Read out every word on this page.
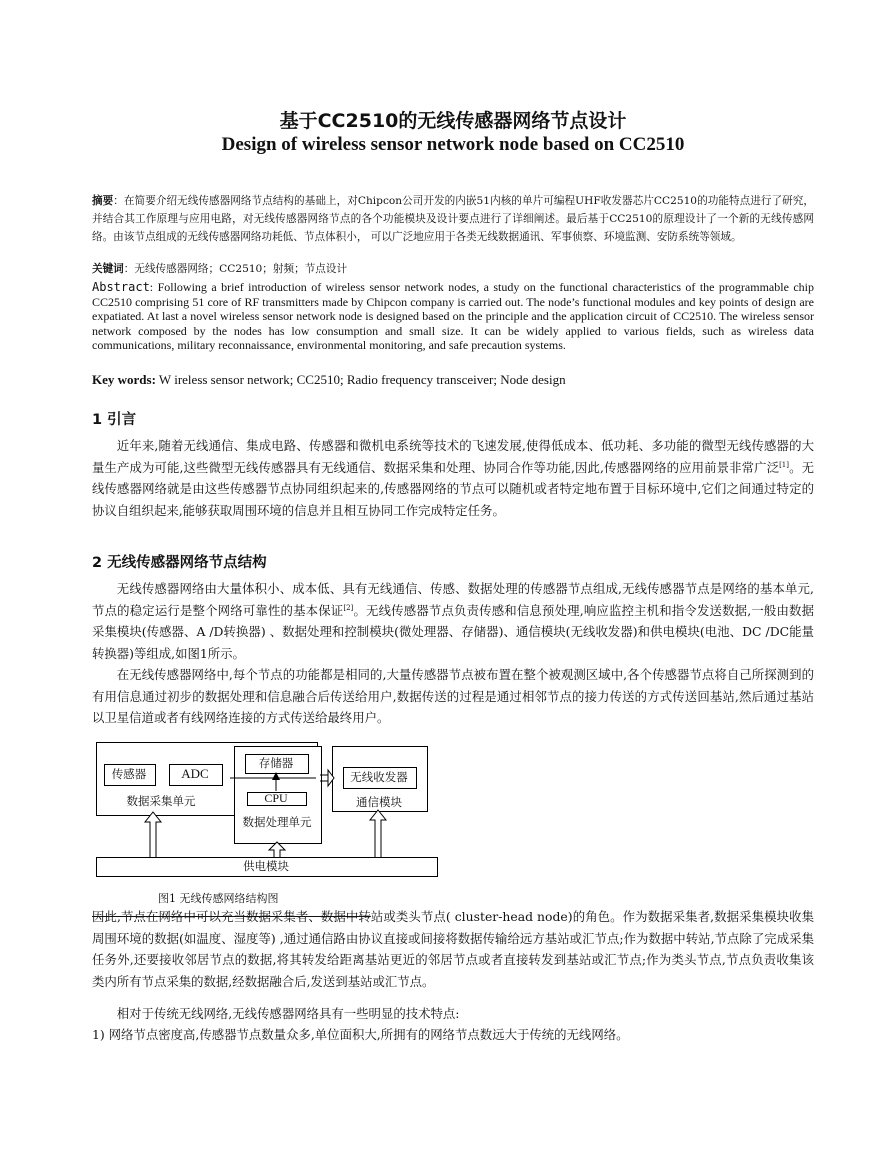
基于CC2510的无线传感器网络节点设计
Design of wireless sensor network node based on CC2510
摘要：在简要介绍无线传感器网络节点结构的基础上，对Chipcon公司开发的内嵌51内核的单片可编程UHF收发器芯片CC2510的功能特点进行了研究，并结合其工作原理与应用电路，对无线传感器网络节点的各个功能模块及设计要点进行了详细阐述。最后基于CC2510的原理设计了一个新的无线传感网络。由该节点组成的无线传感器网络功耗低、节点体积小， 可以广泛地应用于各类无线数据通讯、军事侦察、环境监测、安防系统等领域。
关键词：无线传感器网络；CC2510；射频；节点设计
Abstract: Following a brief introduction of wireless sensor network nodes, a study on the functional characteristics of the programmable chip CC2510 comprising 51 core of RF transmitters made by Chipcon company is carried out. The node’s functional modules and key points of design are expatiated. At last a novel wireless sensor network node is designed based on the principle and the application circuit of CC2510. The wireless sensor network composed by the nodes has low consumption and small size. It can be widely applied to various fields, such as wireless data communications, military reconnaissance, environmental monitoring, and safe precaution systems.
Key words: W ireless sensor network; CC2510; Radio frequency transceiver; Node design
1 引言
近年来,随着无线通信、集成电路、传感器和微机电系统等技术的飞速发展,使得低成本、低功耗、多功能的微型无线传感器的大量生产成为可能,这些微型无线传感器具有无线通信、数据采集和处理、协同合作等功能,因此,传感器网络的应用前景非常广泛[1]。无线传感器网络就是由这些传感器节点协同组织起来的,传感器网络的节点可以随机或者特定地布置于目标环境中,它们之间通过特定的协议自组织起来,能够获取周围环境的信息并且相互协同工作完成特定任务。
2 无线传感器网络节点结构
无线传感器网络由大量体积小、成本低、具有无线通信、传感、数据处理的传感器节点组成,无线传感器节点是网络的基本单元,节点的稳定运行是整个网络可靠性的基本保证[2]。无线传感器节点负责传感和信息预处理,响应监控主机和指令发送数据,一般由数据采集模块(传感器、A /D转换器) 、数据处理和控制模块(微处理器、存储器)、通信模块(无线收发器)和供电模块(电池、DC /DC能量转换器)等组成,如图1所示。
在无线传感器网络中,每个节点的功能都是相同的,大量传感器节点被布置在整个被观测区域中,各个传感器节点将自己所探测到的有用信息通过初步的数据处理和信息融合后传送给用户,数据传送的过程是通过相邻节点的接力传送的方式传送回基站,然后通过基站以卫星信道或者有线网络连接的方式传送给最终用户。
传感器	ADC
数据采集单元
存储器
CPU
数据处理单元
无线收发器
通信模块
供电模块
图1 无线传感网络结构图
因此,节点在网络中可以充当数据采集者、数据中转站或类头节点( cluster-head node)的角色。作为数据采集者,数据采集模块收集周围环境的数据(如温度、湿度等) ,通过通信路由协议直接或间接将数据传输给远方基站或汇节点;作为数据中转站,节点除了完成采集任务外,还要接收邻居节点的数据,将其转发给距离基站更近的邻居节点或者直接转发到基站或汇节点;作为类头节点,节点负责收集该类内所有节点采集的数据,经数据融合后,发送到基站或汇节点。
相对于传统无线网络,无线传感器网络具有一些明显的技术特点:
1) 网络节点密度高,传感器节点数量众多,单位面积大,所拥有的网络节点数远大于传统的无线网络。
